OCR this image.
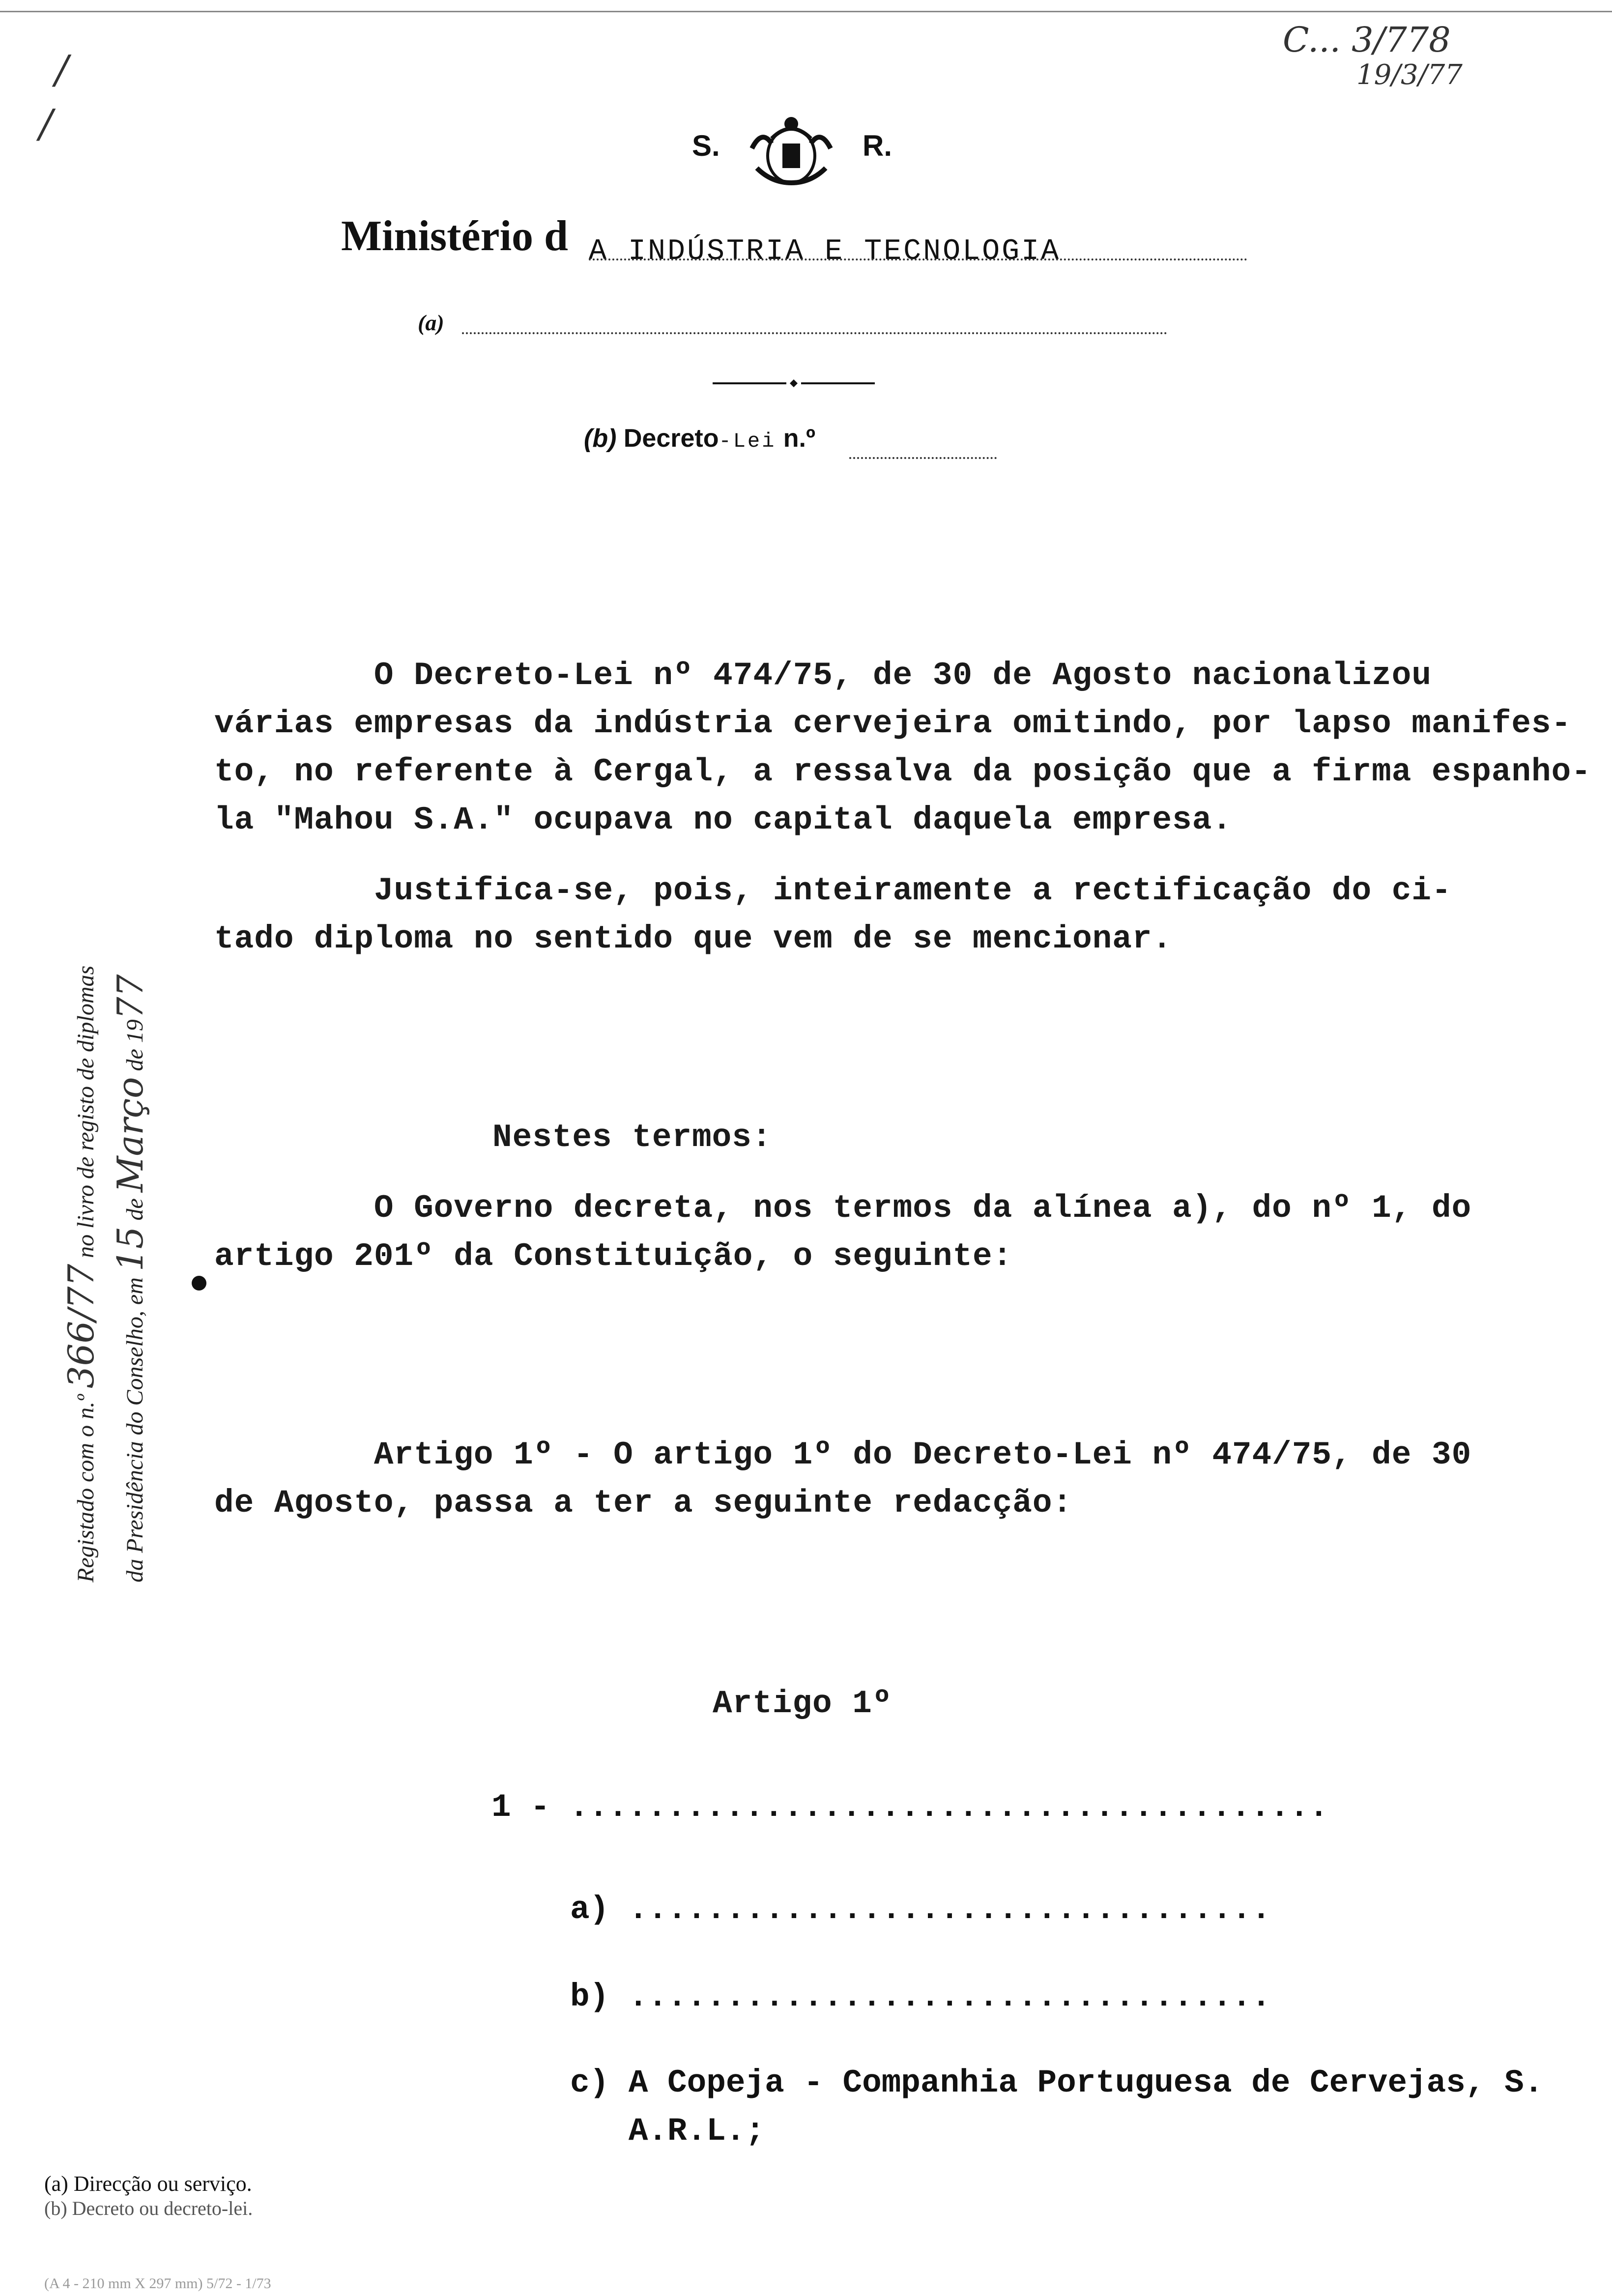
C... 3/778
19/3/77
/
/	S.	R.
Ministério d A INDÚSTRIA E TECNOLOGIA
(a)
(b) Decreto-Lei n.º
Registado com o n.º 366/77 no livro de registo de diplomas
da Presidência do Conselho, em 15 de Março de 1977
O Decreto-Lei nº 474/75, de 30 de Agosto nacionalizou
várias empresas da indústria cervejeira omitindo, por lapso manifes-
to, no referente à Cergal, a ressalva da posição que a firma espanho-
la "Mahou S.A." ocupava no capital daquela empresa.
Justifica-se, pois, inteiramente a rectificação do ci-
tado diploma no sentido que vem de se mencionar.
Nestes termos:
O Governo decreta, nos termos da alínea a), do nº 1, do
artigo 201º da Constituição, o seguinte:
Artigo 1º - O artigo 1º do Decreto-Lei nº 474/75, de 30
de Agosto, passa a ter a seguinte redacção:
Artigo 1º
1 - .......................................
a) .................................
b) .................................
c) A Copeja - Companhia Portuguesa de Cervejas, S.
A.R.L.;
(a) Direcção ou serviço.
(b) Decreto ou decreto-lei.
(A 4 - 210 mm X 297 mm) 5/72 - 1/73
